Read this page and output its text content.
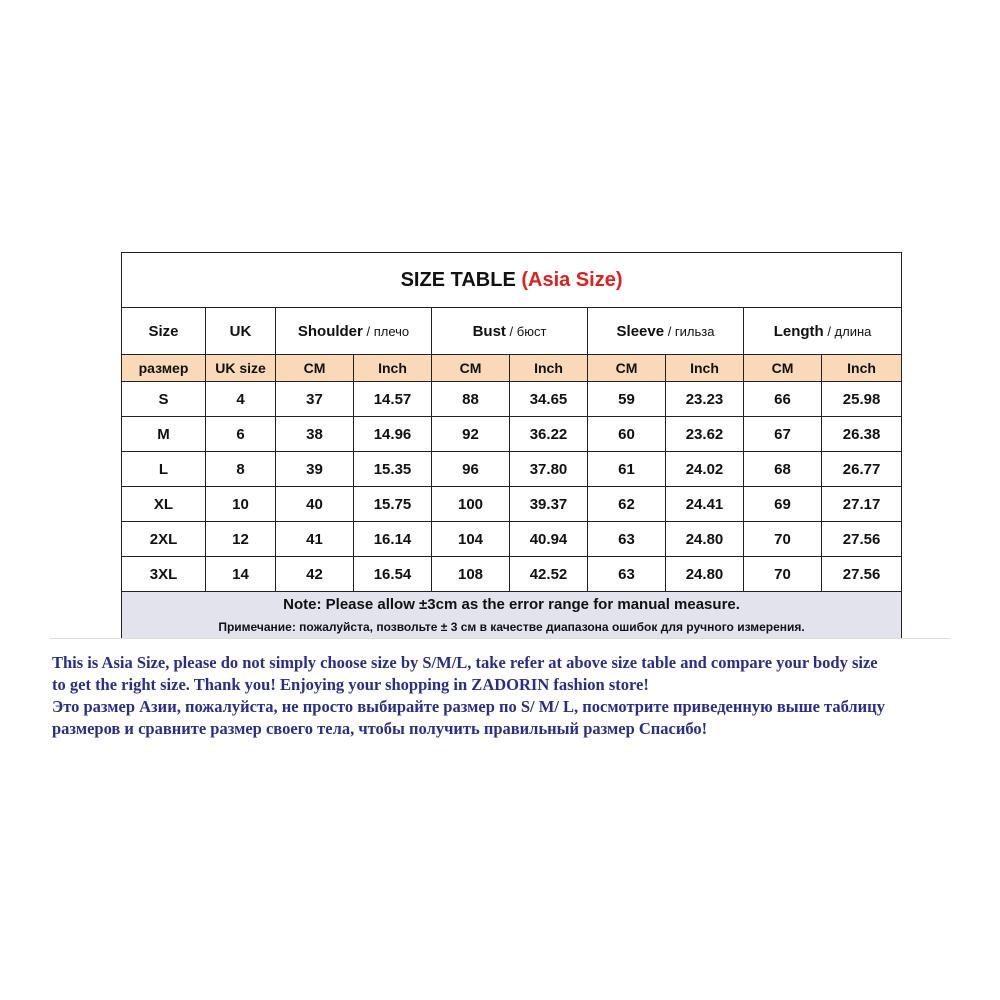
SIZE TABLE (Asia Size)									
Size	UK	Shoulder / плечо		Bust / бюст		Sleeve / гильза		Length / длина	
размер	UK size	CM	Inch	CM	Inch	CM	Inch	CM	Inch
S	4	37	14.57	88	34.65	59	23.23	66	25.98
M	6	38	14.96	92	36.22	60	23.62	67	26.38
L	8	39	15.35	96	37.80	61	24.02	68	26.77
XL	10	40	15.75	100	39.37	62	24.41	69	27.17
2XL	12	41	16.14	104	40.94	63	24.80	70	27.56
3XL	14	42	16.54	108	42.52	63	24.80	70	27.56

Note: Please allow ±3cm as the error range for manual measure.
Примечание: пожалуйста, позвольте ± 3 см в качестве диапазона ошибок для ручного измерения.									
This is Asia Size, please do not simply choose size by S/M/L, take refer at above size table and compare your body size
to get the right size. Thank you! Enjoying your shopping in ZADORIN fashion store!
Это размер Азии, пожалуйста, не просто выбирайте размер по S/ M/ L, посмотрите приведенную выше таблицу
размеров и сравните размер своего тела, чтобы получить правильный размер Спасибо!
